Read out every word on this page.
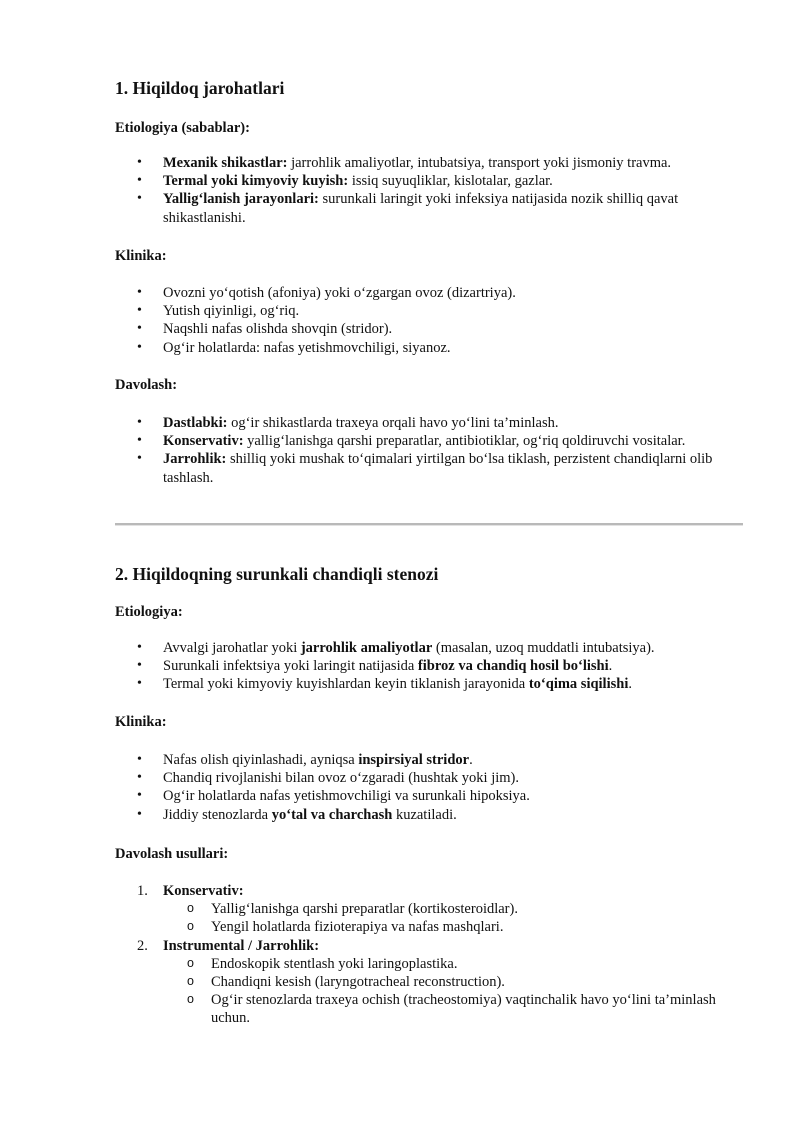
1. Hiqildoq jarohatlari
Etiologiya (sabablar):
• Mexanik shikastlar: jarrohlik amaliyotlar, intubatsiya, transport yoki jismoniy travma.
• Termal yoki kimyoviy kuyish: issiq suyuqliklar, kislotalar, gazlar.
• Yallig‘lanish jarayonlari: surunkali laringit yoki infeksiya natijasida nozik shilliq qavat shikastlanishi.
Klinika:
• Ovozni yo‘qotish (afoniya) yoki o‘zgargan ovoz (dizartriya).
• Yutish qiyinligi, og‘riq.
• Naqshli nafas olishda shovqin (stridor).
• Og‘ir holatlarda: nafas yetishmovchiligi, siyanoz.
Davolash:
• Dastlabki: og‘ir shikastlarda traxeya orqali havo yo‘lini ta’minlash.
• Konservativ: yallig‘lanishga qarshi preparatlar, antibiotiklar, og‘riq qoldiruvchi vositalar.
• Jarrohlik: shilliq yoki mushak to‘qimalari yirtilgan bo‘lsa tiklash, perzistent chandiqlarni olib tashlash.
2. Hiqildoqning surunkali chandiqli stenozi
Etiologiya:
• Avvalgi jarohatlar yoki jarrohlik amaliyotlar (masalan, uzoq muddatli intubatsiya).
• Surunkali infektsiya yoki laringit natijasida fibroz va chandiq hosil bo‘lishi.
• Termal yoki kimyoviy kuyishlardan keyin tiklanish jarayonida to‘qima siqilishi.
Klinika:
• Nafas olish qiyinlashadi, ayniqsa inspirsiyal stridor.
• Chandiq rivojlanishi bilan ovoz o‘zgaradi (hushtak yoki jim).
• Og‘ir holatlarda nafas yetishmovchiligi va surunkali hipoksiya.
• Jiddiy stenozlarda yo‘tal va charchash kuzatiladi.
Davolash usullari:
1. Konservativ:
o Yallig‘lanishga qarshi preparatlar (kortikosteroidlar).
o Yengil holatlarda fizioterapiya va nafas mashqlari.
2. Instrumental / Jarrohlik:
o Endoskopik stentlash yoki laringoplastika.
o Chandiqni kesish (laryngotracheal reconstruction).
o Og‘ir stenozlarda traxeya ochish (tracheostomiya) vaqtinchalik havo yo‘lini ta’minlash uchun.
